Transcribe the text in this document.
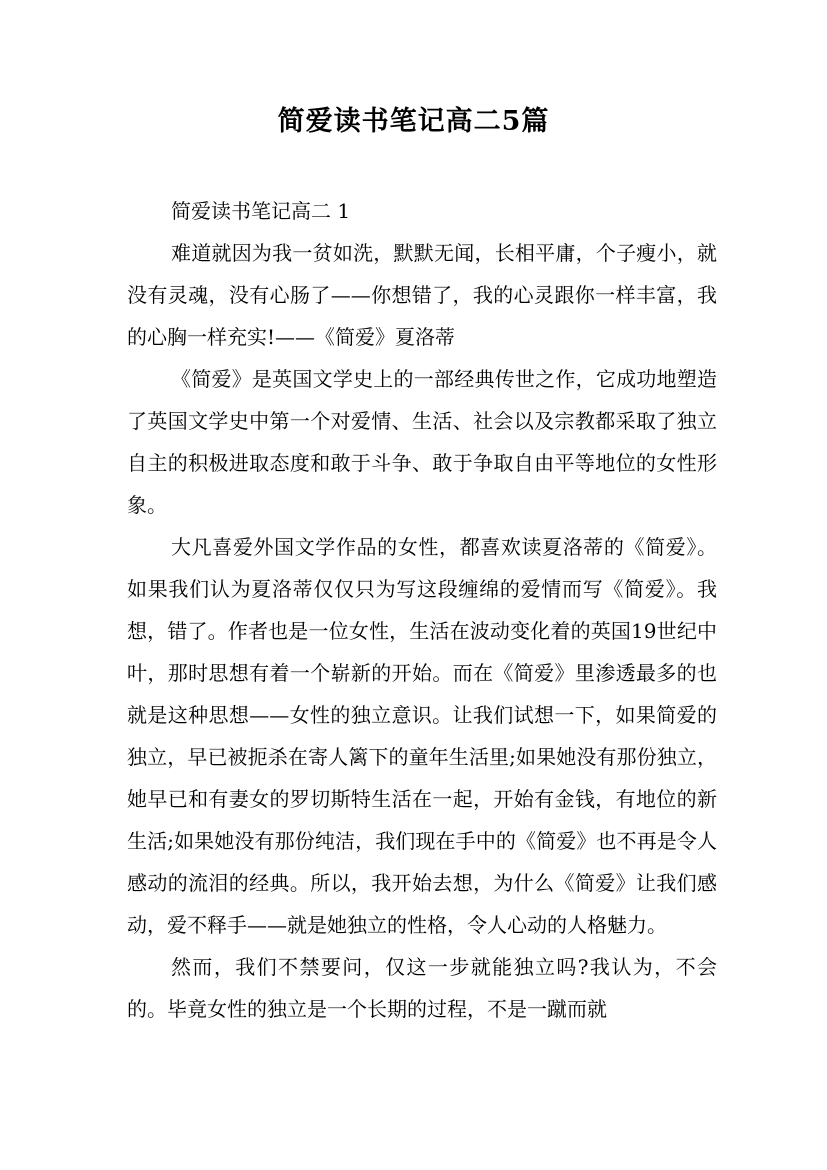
简爱读书笔记高二5篇

简爱读书笔记高二 1

难道就因为我一贫如洗，默默无闻，长相平庸，个子瘦小，就没有灵魂，没有心肠了——你想错了，我的心灵跟你一样丰富，我的心胸一样充实!——《简爱》夏洛蒂

《简爱》是英国文学史上的一部经典传世之作，它成功地塑造了英国文学史中第一个对爱情、生活、社会以及宗教都采取了独立自主的积极进取态度和敢于斗争、敢于争取自由平等地位的女性形象。

大凡喜爱外国文学作品的女性，都喜欢读夏洛蒂的《简爱》。如果我们认为夏洛蒂仅仅只为写这段缠绵的爱情而写《简爱》。我想，错了。作者也是一位女性，生活在波动变化着的英国19世纪中叶，那时思想有着一个崭新的开始。而在《简爱》里渗透最多的也就是这种思想——女性的独立意识。让我们试想一下，如果简爱的独立，早已被扼杀在寄人篱下的童年生活里;如果她没有那份独立，她早已和有妻女的罗切斯特生活在一起，开始有金钱，有地位的新生活;如果她没有那份纯洁，我们现在手中的《简爱》也不再是令人感动的流泪的经典。所以，我开始去想，为什么《简爱》让我们感动，爱不释手——就是她独立的性格，令人心动的人格魅力。

然而，我们不禁要问，仅这一步就能独立吗?我认为，不会的。毕竟女性的独立是一个长期的过程，不是一蹴而就
